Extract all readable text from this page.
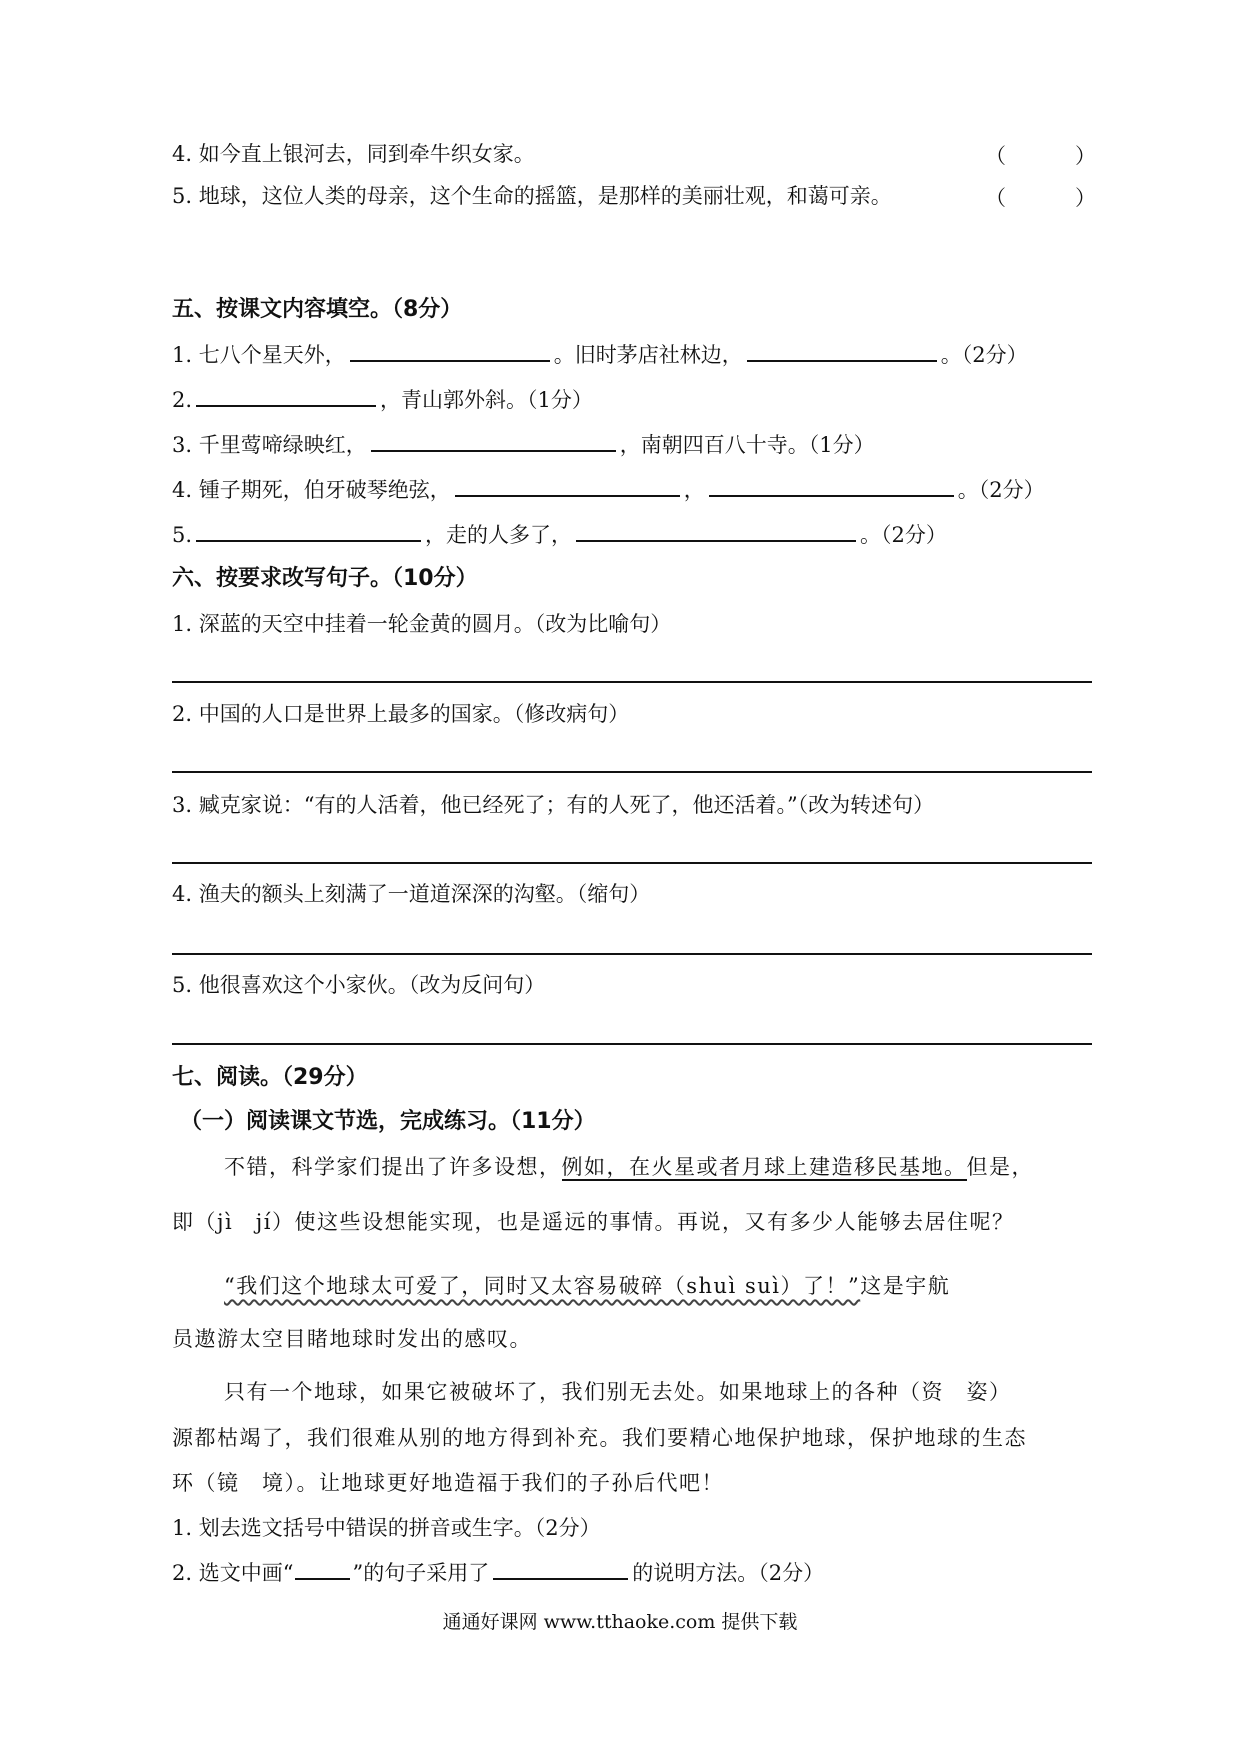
4. 如今直上银河去，同到牵牛织女家。	（	）
5. 地球，这位人类的母亲，这个生命的摇篮，是那样的美丽壮观，和蔼可亲。	（	）
五、按课文内容填空。（8分）
1. 七八个星天外，	。旧时茅店社林边，	。（2分）
2.	，青山郭外斜。（1分）
3. 千里莺啼绿映红，	，南朝四百八十寺。（1分）
4. 锺子期死，伯牙破琴绝弦，	，	。（2分）
5.	，走的人多了，	。（2分）
六、按要求改写句子。（10分）
1. 深蓝的天空中挂着一轮金黄的圆月。（改为比喻句）
2. 中国的人口是世界上最多的国家。（修改病句）
3. 臧克家说：“有的人活着，他已经死了；有的人死了，他还活着。”（改为转述句）
4. 渔夫的额头上刻满了一道道深深的沟壑。（缩句）
5. 他很喜欢这个小家伙。（改为反问句）
七、阅读。（29分）
（一）阅读课文节选，完成练习。（11分）
不错，科学家们提出了许多设想，例如，在火星或者月球上建造移民基地。但是，
即（jì　jí）使这些设想能实现，也是遥远的事情。再说，又有多少人能够去居住呢？
“我们这个地球太可爱了，同时又太容易破碎（shuì suì）了！”这是宇航
员遨游太空目睹地球时发出的感叹。
只有一个地球，如果它被破坏了，我们别无去处。如果地球上的各种（资　姿）
源都枯竭了，我们很难从别的地方得到补充。我们要精心地保护地球，保护地球的生态
环（镜　境）。让地球更好地造福于我们的子孙后代吧！
1. 划去选文括号中错误的拼音或生字。（2分）
2. 选文中画“	”的句子采用了	的说明方法。（2分）
通通好课网 www.tthaoke.com 提供下载
